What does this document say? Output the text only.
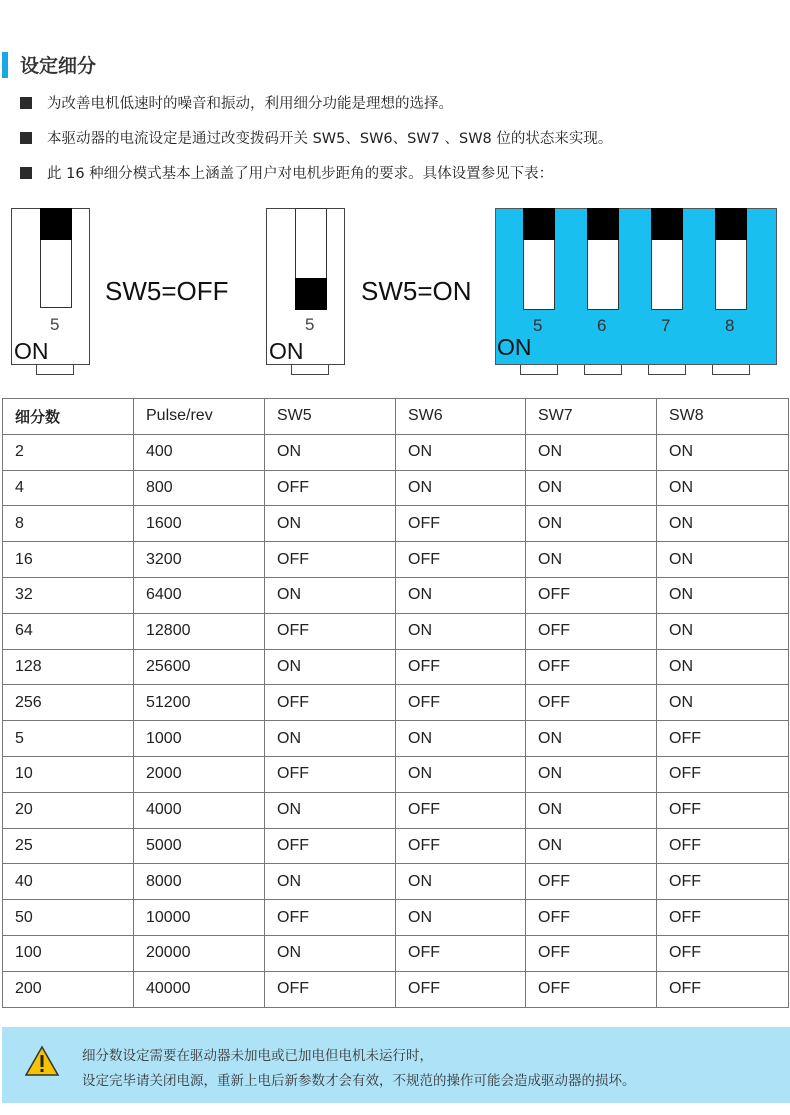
设定细分
为改善电机低速时的噪音和振动，利用细分功能是理想的选择。
本驱动器的电流设定是通过改变拨码开关 SW5、SW6、SW7 、SW8 位的状态来实现。
此 16 种细分模式基本上涵盖了用户对电机步距角的要求。具体设置参见下表：
5
ON
SW5=OFF
5
ON
SW5=ON
5	6	7	8
ON
细分数	Pulse/rev	SW5	SW6	SW7	SW8
2	400	ON	ON	ON	ON
4	800	OFF	ON	ON	ON
8	1600	ON	OFF	ON	ON
16	3200	OFF	OFF	ON	ON
32	6400	ON	ON	OFF	ON
64	12800	OFF	ON	OFF	ON
128	25600	ON	OFF	OFF	ON
256	51200	OFF	OFF	OFF	ON
5	1000	ON	ON	ON	OFF
10	2000	OFF	ON	ON	OFF
20	4000	ON	OFF	ON	OFF
25	5000	OFF	OFF	ON	OFF
40	8000	ON	ON	OFF	OFF
50	10000	OFF	ON	OFF	OFF
100	20000	ON	OFF	OFF	OFF
200	40000	OFF	OFF	OFF	OFF
细分数设定需要在驱动器未加电或已加电但电机未运行时，
设定完毕请关闭电源，重新上电后新参数才会有效，不规范的操作可能会造成驱动器的损坏。
